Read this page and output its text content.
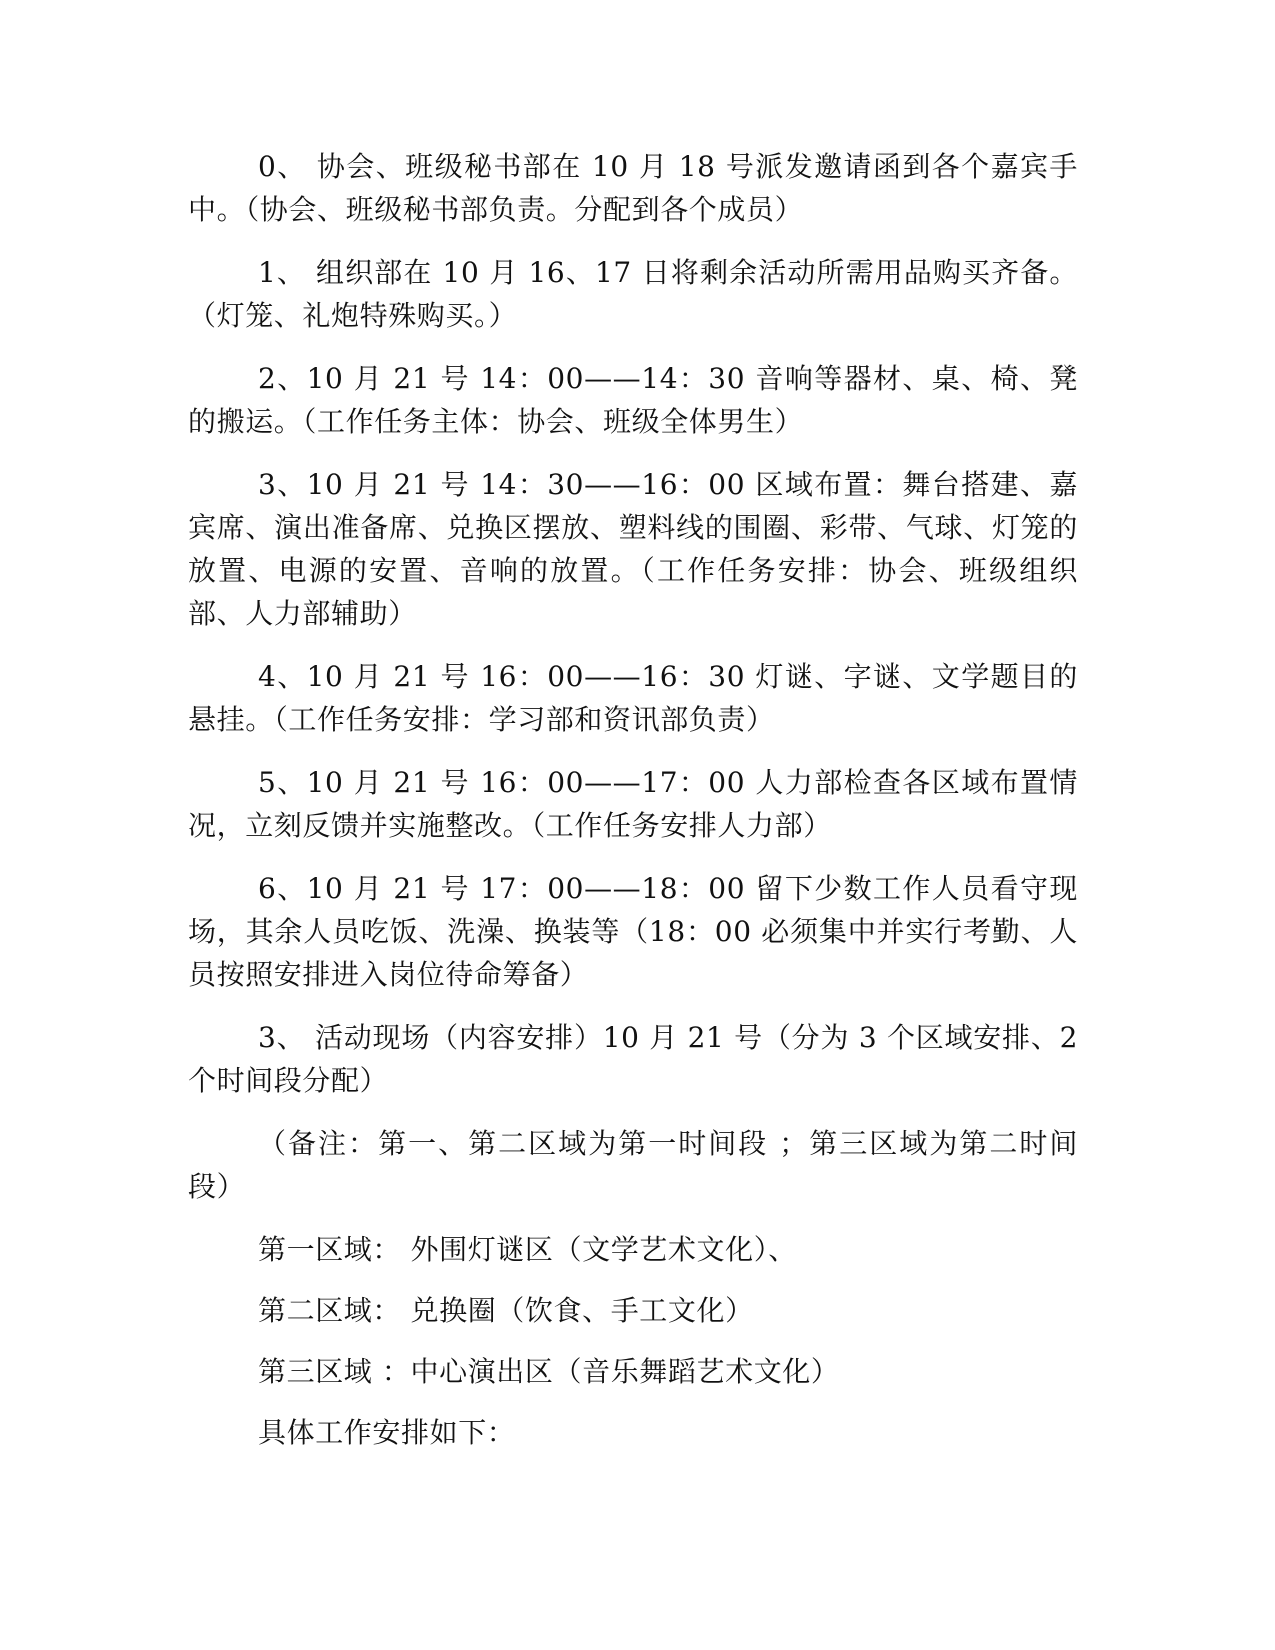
0、 协会、班级秘书部在 10 月 18 号派发邀请函到各个嘉宾手中。（协会、班级秘书部负责。分配到各个成员）

1、 组织部在 10 月 16、17 日将剩余活动所需用品购买齐备。（灯笼、礼炮特殊购买。）

2、10 月 21 号 14：00——14：30 音响等器材、桌、椅、凳的搬运。（工作任务主体：协会、班级全体男生）

3、10 月 21 号 14：30——16：00 区域布置：舞台搭建、嘉宾席、演出准备席、兑换区摆放、塑料线的围圈、彩带、气球、灯笼的放置、电源的安置、音响的放置。（工作任务安排：协会、班级组织部、人力部辅助）

4、10 月 21 号 16：00——16：30 灯谜、字谜、文学题目的悬挂。（工作任务安排：学习部和资讯部负责）

5、10 月 21 号 16：00——17：00 人力部检查各区域布置情况，立刻反馈并实施整改。（工作任务安排人力部）

6、10 月 21 号 17：00——18：00 留下少数工作人员看守现场，其余人员吃饭、洗澡、换装等（18：00 必须集中并实行考勤、人员按照安排进入岗位待命筹备）

3、 活动现场（内容安排）10 月 21 号（分为 3 个区域安排、2 个时间段分配）

（备注：第一、第二区域为第一时间段 ；第三区域为第二时间段）

第一区域： 外围灯谜区（文学艺术文化）、

第二区域： 兑换圈（饮食、手工文化）

第三区域 ：中心演出区（音乐舞蹈艺术文化）

具体工作安排如下：
